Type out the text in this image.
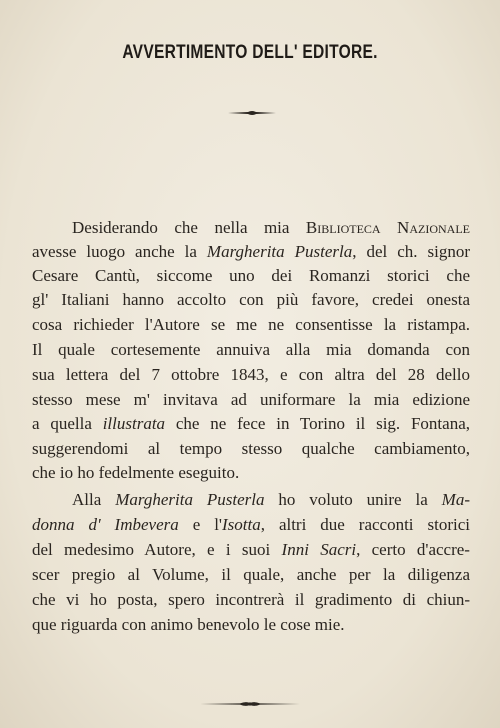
AVVERTIMENTO DELL' EDITORE.
Desiderando che nella mia Biblioteca Nazionale
avesse luogo anche la Margherita Pusterla, del ch. signor
Cesare Cantù, siccome uno dei Romanzi storici che
gl' Italiani hanno accolto con più favore, credei onesta
cosa richieder l'Autore se me ne consentisse la ristampa.
Il quale cortesemente annuiva alla mia domanda con
sua lettera del 7 ottobre 1843, e con altra del 28 dello
stesso mese m' invitava ad uniformare la mia edizione
a quella illustrata che ne fece in Torino il sig. Fontana,
suggerendomi al tempo stesso qualche cambiamento,
che io ho fedelmente eseguito.
Alla Margherita Pusterla ho voluto unire la Ma-
donna d' Imbevera e l'Isotta, altri due racconti storici
del medesimo Autore, e i suoi Inni Sacri, certo d'accre-
scer pregio al Volume, il quale, anche per la diligenza
che vi ho posta, spero incontrerà il gradimento di chiun-
que riguarda con animo benevolo le cose mie.
